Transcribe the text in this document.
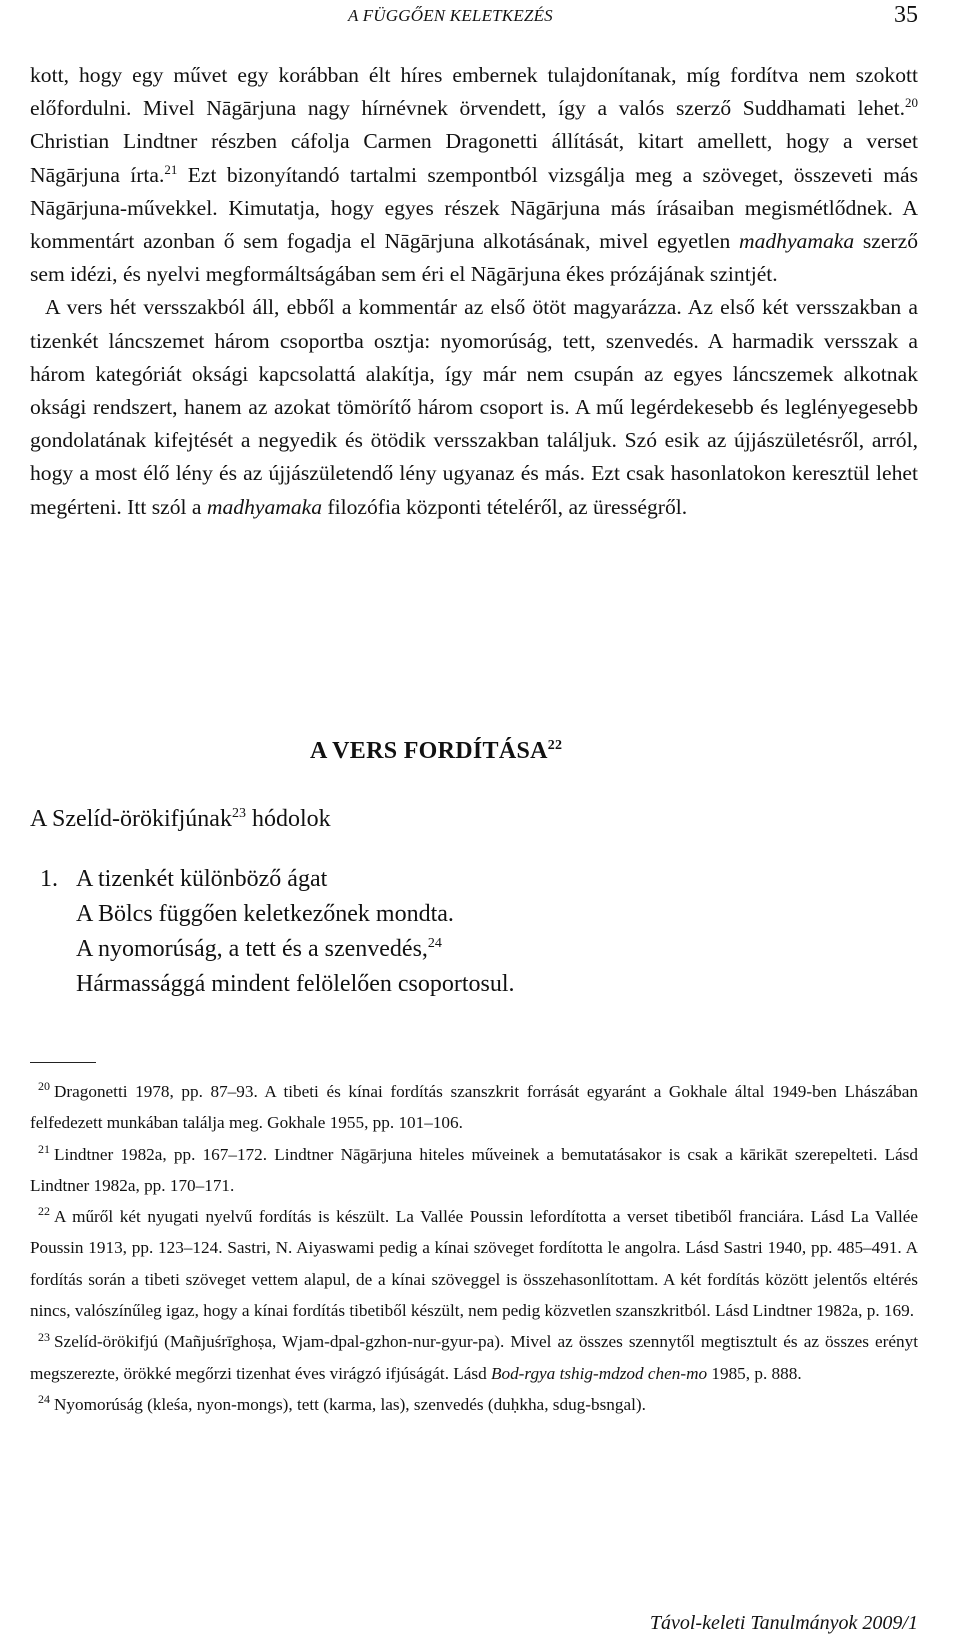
A FÜGGŐEN KELETKEZÉS	35

kott, hogy egy művet egy korábban élt híres embernek tulajdonítanak, míg fordítva nem szokott előfordulni. Mivel Nāgārjuna nagy hírnévnek örvendett, így a valós szerző Suddhamati lehet.$^{20}$ Christian Lindtner részben cáfolja Carmen Dragonetti állítását, kitart amellett, hogy a verset Nāgārjuna írta.$^{21}$ Ezt bizonyítandó tartalmi szempontból vizsgálja meg a szöveget, összeveti más Nāgārjuna-művekkel. Kimutatja, hogy egyes részek Nāgārjuna más írásaiban megismétlődnek. A kommentárt azonban ő sem fogadja el Nāgārjuna alkotásának, mivel egyetlen madhyamaka szerző sem idézi, és nyelvi megformáltságában sem éri el Nāgārjuna ékes prózájának szintjét.

A vers hét versszakból áll, ebből a kommentár az első ötöt magyarázza. Az első két versszakban a tizenkét láncszemet három csoportba osztja: nyomorúság, tett, szenvedés. A harmadik versszak a három kategóriát oksági kapcsolattá alakítja, így már nem csupán az egyes láncszemek alkotnak oksági rendszert, hanem az azokat tömörítő három csoport is. A mű legérdekesebb és leglényegesebb gondolatának kifejtését a negyedik és ötödik versszakban találjuk. Szó esik az újjászületésről, arról, hogy a most élő lény és az újjászületendő lény ugyanaz és más. Ezt csak hasonlatokon keresztül lehet megérteni. Itt szól a madhyamaka filozófia központi tételéről, az ürességről.

A VERS FORDÍTÁSA$^{22}$
A Szelíd-örökifjúnak$^{23}$ hódolok
1. A tizenkét különböző ágat
A Bölcs függően keletkezőnek mondta.
A nyomorúság, a tett és a szenvedés,$^{24}$
Hármassággá mindent felölelően csoportosul.

$^{20}$ Dragonetti 1978, pp. 87–93. A tibeti és kínai fordítás szanszkrit forrását egyaránt a Gokhale által 1949-ben Lhászában felfedezett munkában találja meg. Gokhale 1955, pp. 101–106.

$^{21}$ Lindtner 1982a, pp. 167–172. Lindtner Nāgārjuna hiteles műveinek a bemutatásakor is csak a kārikāt szerepelteti. Lásd Lindtner 1982a, pp. 170–171.

$^{22}$ A műről két nyugati nyelvű fordítás is készült. La Vallée Poussin lefordította a verset tibetiből franciára. Lásd La Vallée Poussin 1913, pp. 123–124. Sastri, N. Aiyaswami pedig a kínai szöveget fordította le angolra. Lásd Sastri 1940, pp. 485–491. A fordítás során a tibeti szöveget vettem alapul, de a kínai szöveggel is összehasonlítottam. A két fordítás között jelentős eltérés nincs, valószínűleg igaz, hogy a kínai fordítás tibetiből készült, nem pedig közvetlen szanszkritból. Lásd Lindtner 1982a, p. 169.

$^{23}$ Szelíd-örökifjú (Mañjuśrīghoṣa, Wjam-dpal-gzhon-nur-gyur-pa). Mivel az összes szennytől megtisztult és az összes erényt megszerezte, örökké megőrzi tizenhat éves virágzó ifjúságát. Lásd Bod-rgya tshig-mdzod chen-mo 1985, p. 888.

$^{24}$ Nyomorúság (kleśa, nyon-mongs), tett (karma, las), szenvedés (duḥkha, sdug-bsngal).

Távol-keleti Tanulmányok 2009/1
